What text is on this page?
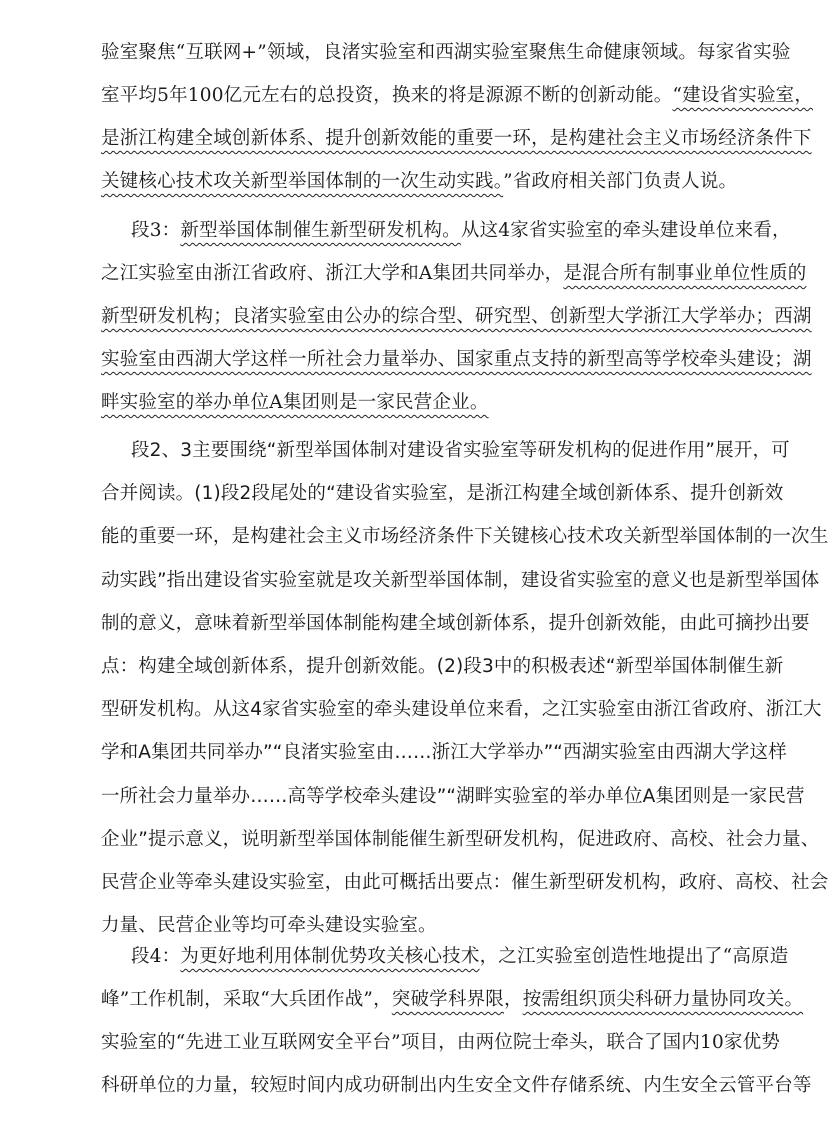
验室聚焦“互联网+”领域，良渚实验室和西湖实验室聚焦生命健康领域。每家省实验
室平均5年100亿元左右的总投资，换来的将是源源不断的创新动能。“建设省实验室，
是浙江构建全域创新体系、提升创新效能的重要一环，是构建社会主义市场经济条件下
关键核心技术攻关新型举国体制的一次生动实践。”省政府相关部门负责人说。
段3：新型举国体制催生新型研发机构。从这4家省实验室的牵头建设单位来看，
之江实验室由浙江省政府、浙江大学和A集团共同举办，是混合所有制事业单位性质的
新型研发机构；良渚实验室由公办的综合型、研究型、创新型大学浙江大学举办；西湖
实验室由西湖大学这样一所社会力量举办、国家重点支持的新型高等学校牵头建设；湖
畔实验室的举办单位A集团则是一家民营企业。
段2、3主要围绕“新型举国体制对建设省实验室等研发机构的促进作用”展开，可
合并阅读。(1)段2段尾处的“建设省实验室，是浙江构建全域创新体系、提升创新效
能的重要一环，是构建社会主义市场经济条件下关键核心技术攻关新型举国体制的一次生
动实践”指出建设省实验室就是攻关新型举国体制，建设省实验室的意义也是新型举国体
制的意义，意味着新型举国体制能构建全域创新体系，提升创新效能，由此可摘抄出要
点：构建全域创新体系，提升创新效能。(2)段3中的积极表述“新型举国体制催生新
型研发机构。从这4家省实验室的牵头建设单位来看，之江实验室由浙江省政府、浙江大
学和A集团共同举办”“良渚实验室由……浙江大学举办”“西湖实验室由西湖大学这样
一所社会力量举办……高等学校牵头建设”“湖畔实验室的举办单位A集团则是一家民营
企业”提示意义，说明新型举国体制能催生新型研发机构，促进政府、高校、社会力量、
民营企业等牵头建设实验室，由此可概括出要点：催生新型研发机构，政府、高校、社会
力量、民营企业等均可牵头建设实验室。
段4：为更好地利用体制优势攻关核心技术，之江实验室创造性地提出了“高原造
峰”工作机制，采取“大兵团作战”，突破学科界限，按需组织顶尖科研力量协同攻关。
实验室的“先进工业互联网安全平台”项目，由两位院士牵头，联合了国内10家优势
科研单位的力量，较短时间内成功研制出内生安全文件存储系统、内生安全云管平台等
